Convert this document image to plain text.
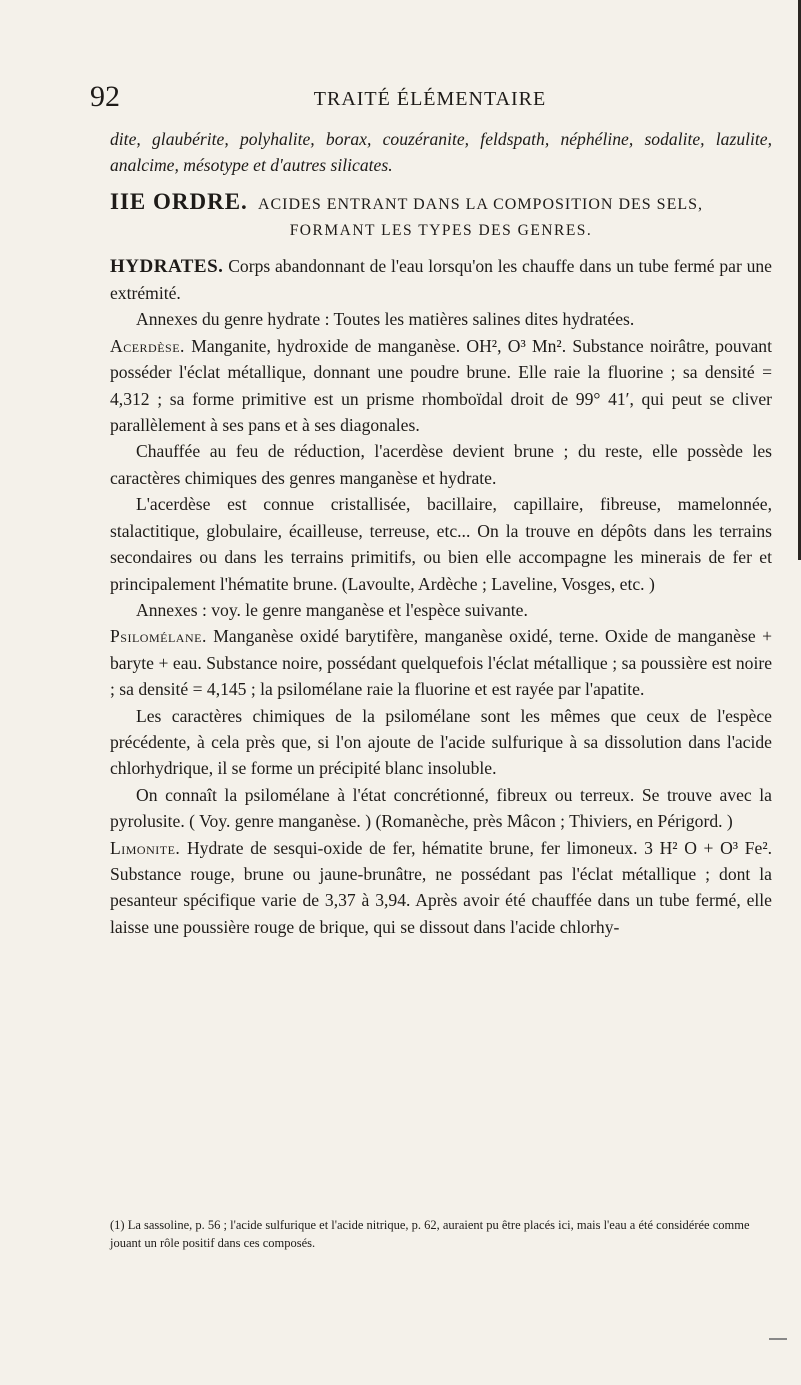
92	TRAITÉ ÉLÉMENTAIRE

dite, glaubérite, polyhalite, borax, couzéranite, feldspath, néphéline, sodalite, lazulite, analcime, mésotype et d'autres silicates.

IIE ORDRE. ACIDES ENTRANT DANS LA COMPOSITION DES SELS,
FORMANT LES TYPES DES GENRES.

HYDRATES. Corps abandonnant de l'eau lorsqu'on les chauffe dans un tube fermé par une extrémité.

Annexes du genre hydrate : Toutes les matières salines dites hydratées.

Acerdèse. Manganite, hydroxide de manganèse. OH², O³ Mn². Substance noirâtre, pouvant posséder l'éclat métallique, donnant une poudre brune. Elle raie la fluorine ; sa densité = 4,312 ; sa forme primitive est un prisme rhomboïdal droit de 99° 41′, qui peut se cliver parallèlement à ses pans et à ses diagonales.

Chauffée au feu de réduction, l'acerdèse devient brune ; du reste, elle possède les caractères chimiques des genres manganèse et hydrate.

L'acerdèse est connue cristallisée, bacillaire, capillaire, fibreuse, mamelonnée, stalactitique, globulaire, écailleuse, terreuse, etc... On la trouve en dépôts dans les terrains secondaires ou dans les terrains primitifs, ou bien elle accompagne les minerais de fer et principalement l'hématite brune. (Lavoulte, Ardèche ; Laveline, Vosges, etc. )

Annexes : voy. le genre manganèse et l'espèce suivante.

Psilomélane. Manganèse oxidé barytifère, manganèse oxidé, terne. Oxide de manganèse + baryte + eau. Substance noire, possédant quelquefois l'éclat métallique ; sa poussière est noire ; sa densité = 4,145 ; la psilomélane raie la fluorine et est rayée par l'apatite.

Les caractères chimiques de la psilomélane sont les mêmes que ceux de l'espèce précédente, à cela près que, si l'on ajoute de l'acide sulfurique à sa dissolution dans l'acide chlorhydrique, il se forme un précipité blanc insoluble.

On connaît la psilomélane à l'état concrétionné, fibreux ou terreux. Se trouve avec la pyrolusite. ( Voy. genre manganèse. ) (Romanèche, près Mâcon ; Thiviers, en Périgord. )

Limonite. Hydrate de sesqui-oxide de fer, hématite brune, fer limoneux. 3 H² O + O³ Fe². Substance rouge, brune ou jaune-brunâtre, ne possédant pas l'éclat métallique ; dont la pesanteur spécifique varie de 3,37 à 3,94. Après avoir été chauffée dans un tube fermé, elle laisse une poussière rouge de brique, qui se dissout dans l'acide chlorhy-

(1) La sassoline, p. 56 ; l'acide sulfurique et l'acide nitrique, p. 62, auraient pu être placés ici, mais l'eau a été considérée comme jouant un rôle positif dans ces composés.
